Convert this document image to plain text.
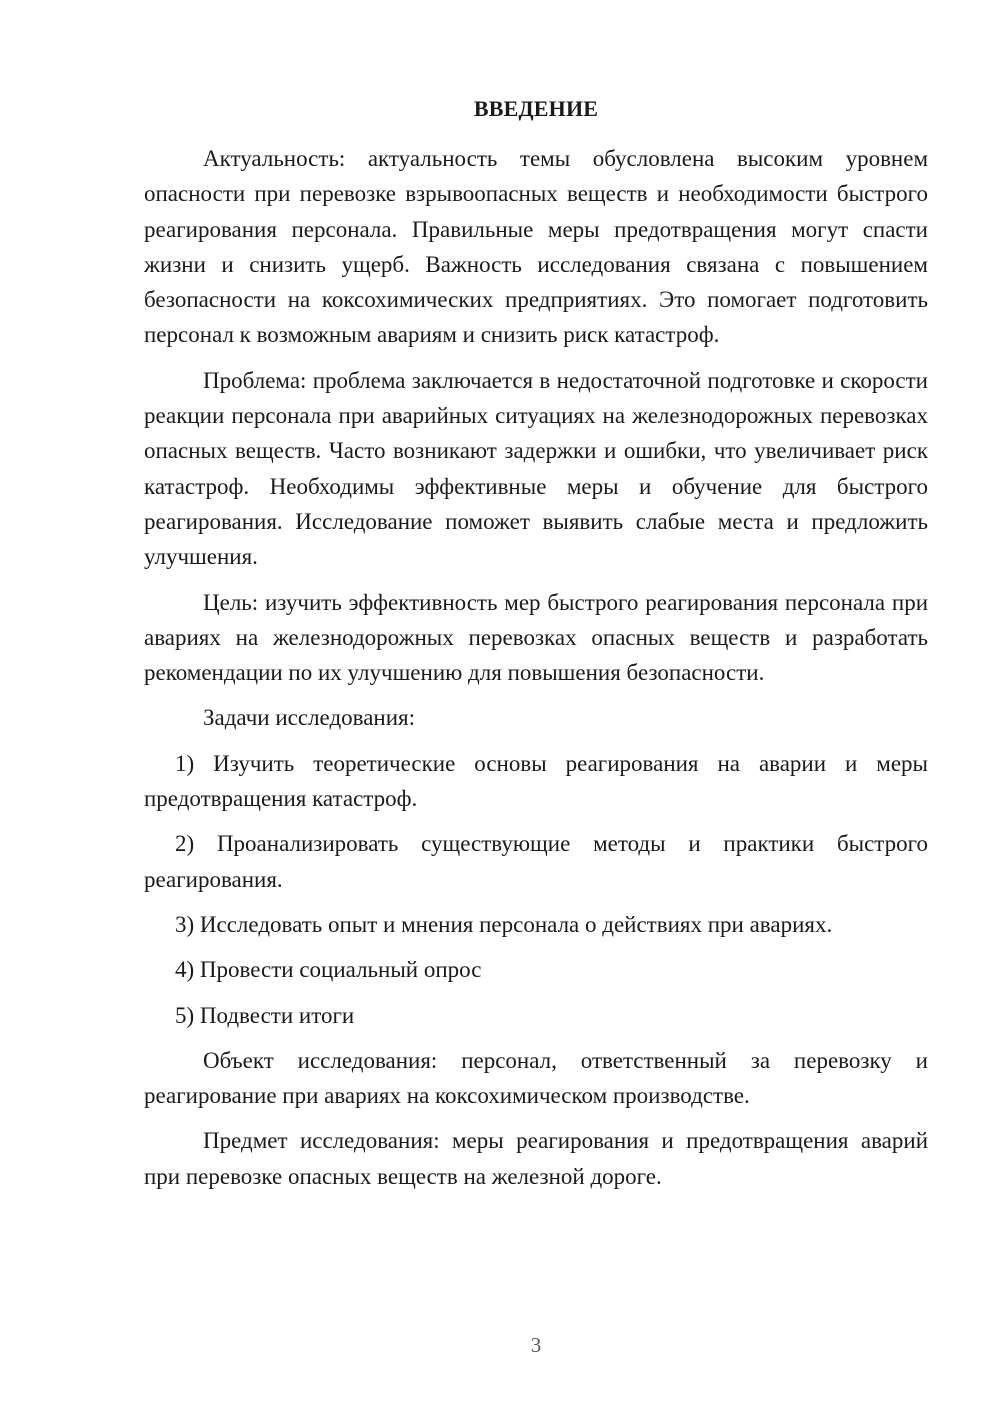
ВВЕДЕНИЕ

Актуальность: актуальность темы обусловлена высоким уровнем опасности при перевозке взрывоопасных веществ и необходимости быстрого реагирования персонала. Правильные меры предотвращения могут спасти жизни и снизить ущерб. Важность исследования связана с повышением безопасности на коксохимических предприятиях. Это помогает подготовить персонал к возможным авариям и снизить риск катастроф.

Проблема: проблема заключается в недостаточной подготовке и скорости реакции персонала при аварийных ситуациях на железнодорожных перевозках опасных веществ. Часто возникают задержки и ошибки, что увеличивает риск катастроф. Необходимы эффективные меры и обучение для быстрого реагирования. Исследование поможет выявить слабые места и предложить улучшения.

Цель: изучить эффективность мер быстрого реагирования персонала при авариях на железнодорожных перевозках опасных веществ и разработать рекомендации по их улучшению для повышения безопасности.

Задачи исследования:

1) Изучить теоретические основы реагирования на аварии и меры предотвращения катастроф.

2) Проанализировать существующие методы и практики быстрого реагирования.

3) Исследовать опыт и мнения персонала о действиях при авариях.

4) Провести социальный опрос

5) Подвести итоги

Объект исследования: персонал, ответственный за перевозку и реагирование при авариях на коксохимическом производстве.

Предмет исследования: меры реагирования и предотвращения аварий при перевозке опасных веществ на железной дороге.

3
